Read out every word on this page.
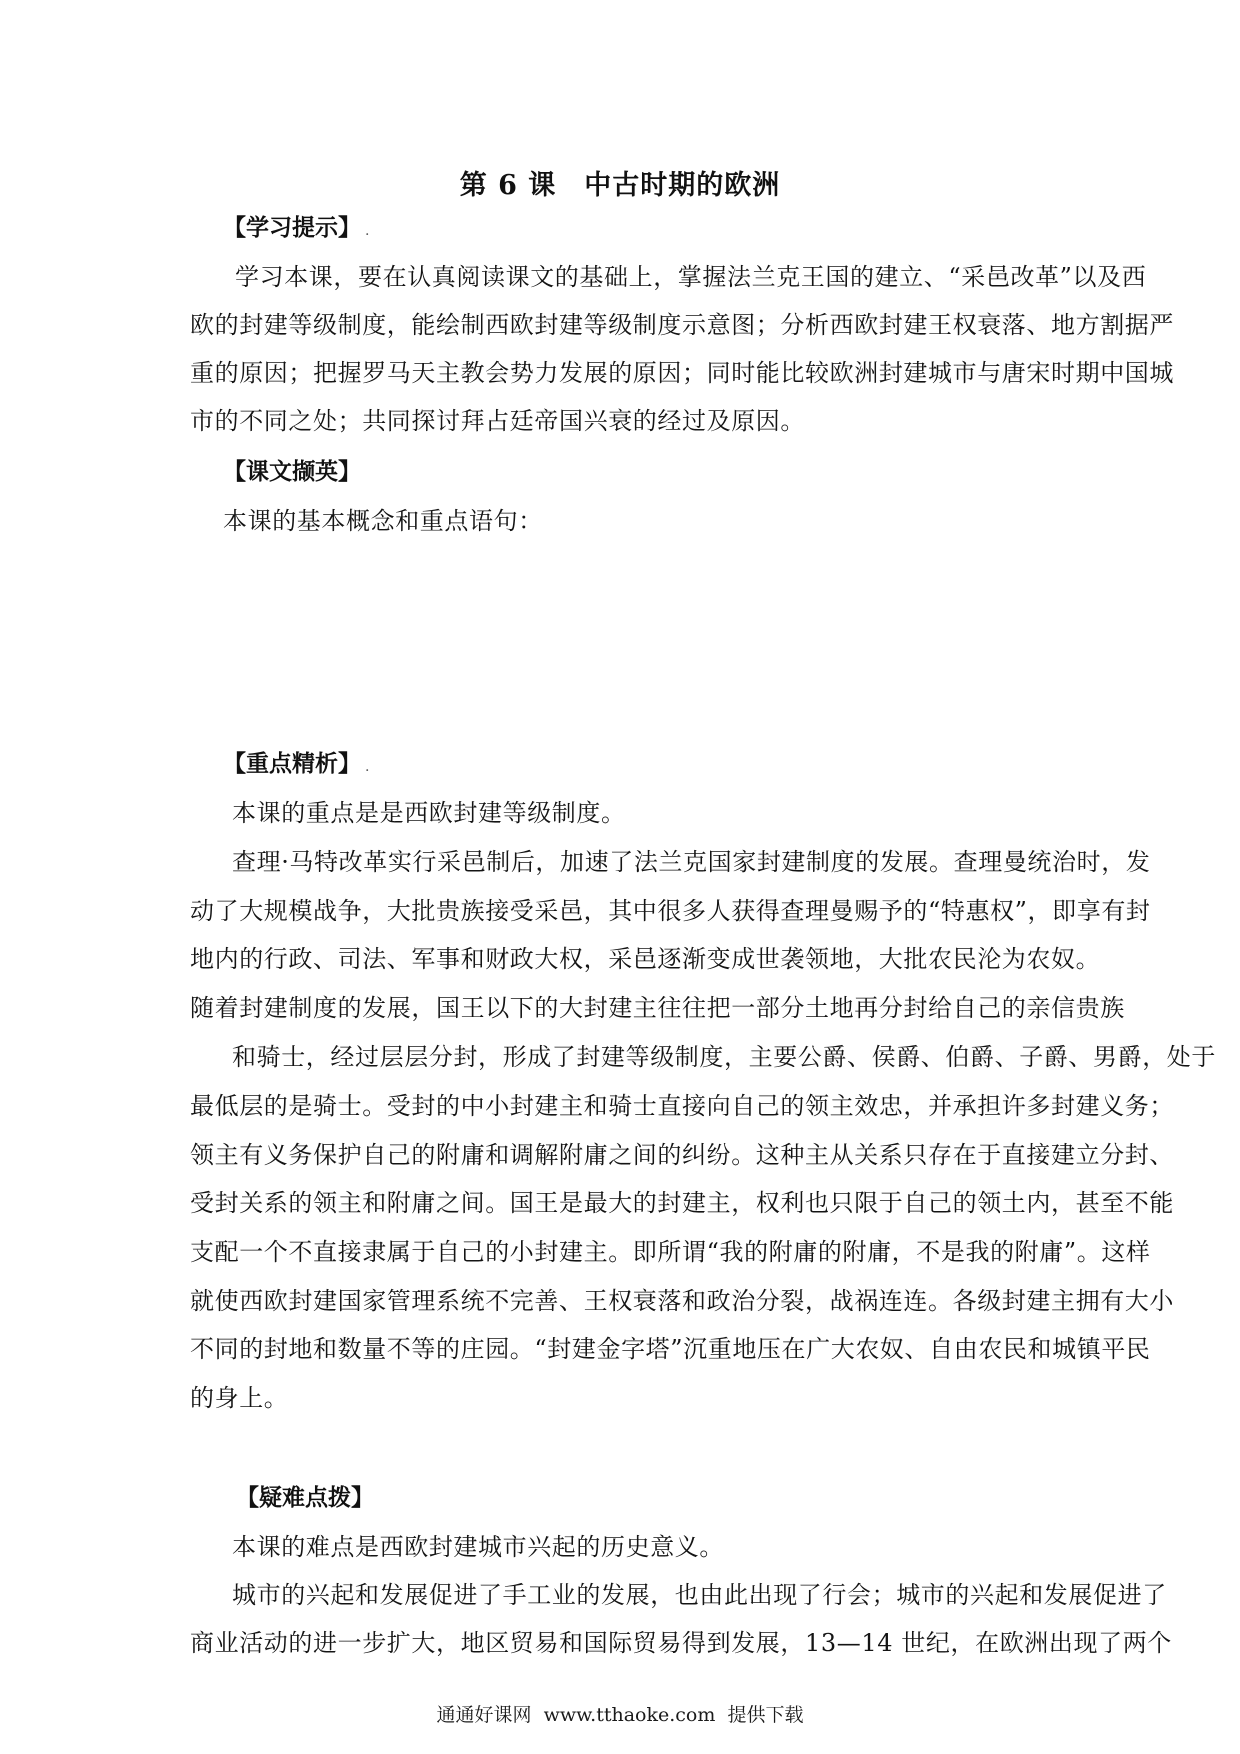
第 6 课　中古时期的欧洲
【学习提示】 .
学习本课，要在认真阅读课文的基础上，掌握法兰克王国的建立、“采邑改革”以及西
欧的封建等级制度，能绘制西欧封建等级制度示意图；分析西欧封建王权衰落、地方割据严
重的原因；把握罗马天主教会势力发展的原因；同时能比较欧洲封建城市与唐宋时期中国城
市的不同之处；共同探讨拜占廷帝国兴衰的经过及原因。
【课文撷英】
本课的基本概念和重点语句：
【重点精析】 .
本课的重点是是西欧封建等级制度。
查理·马特改革实行采邑制后，加速了法兰克国家封建制度的发展。查理曼统治时，发
动了大规模战争，大批贵族接受采邑，其中很多人获得查理曼赐予的“特惠权”，即享有封
地内的行政、司法、军事和财政大权，采邑逐渐变成世袭领地，大批农民沦为农奴。
随着封建制度的发展，国王以下的大封建主往往把一部分土地再分封给自己的亲信贵族
和骑士，经过层层分封，形成了封建等级制度，主要公爵、侯爵、伯爵、子爵、男爵，处于
最低层的是骑士。受封的中小封建主和骑士直接向自己的领主效忠，并承担许多封建义务；
领主有义务保护自己的附庸和调解附庸之间的纠纷。这种主从关系只存在于直接建立分封、
受封关系的领主和附庸之间。国王是最大的封建主，权利也只限于自己的领土内，甚至不能
支配一个不直接隶属于自己的小封建主。即所谓“我的附庸的附庸，不是我的附庸”。这样
就使西欧封建国家管理系统不完善、王权衰落和政治分裂，战祸连连。各级封建主拥有大小
不同的封地和数量不等的庄园。“封建金字塔”沉重地压在广大农奴、自由农民和城镇平民
的身上。
【疑难点拨】
本课的难点是西欧封建城市兴起的历史意义。
城市的兴起和发展促进了手工业的发展，也由此出现了行会；城市的兴起和发展促进了
商业活动的进一步扩大，地区贸易和国际贸易得到发展，13—14 世纪，在欧洲出现了两个
通通好课网  www.tthaoke.com  提供下载
